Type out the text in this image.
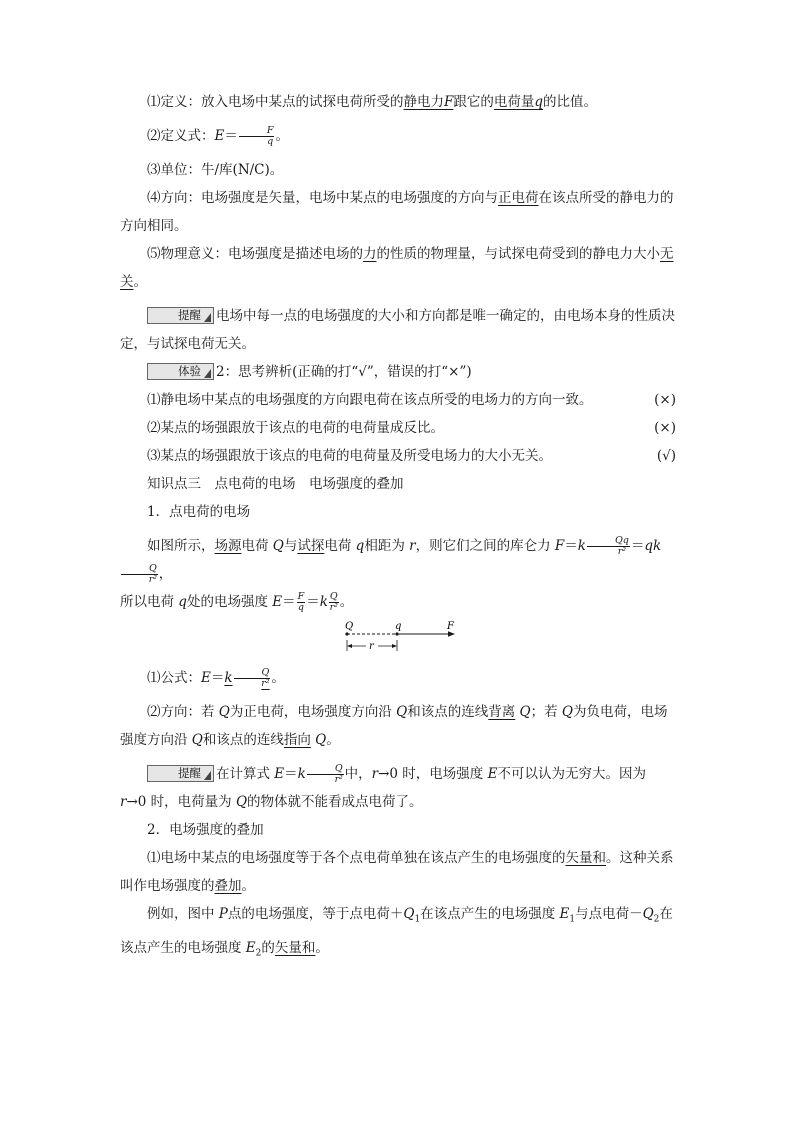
⑴定义：放入电场中某点的试探电荷所受的静电力F跟它的电荷量q的比值。

⑵定义式：$E= \frac{F}{q}$ 。

⑶单位：牛/库(N/C)。

⑷方向：电场强度是矢量，电场中某点的电场强度的方向与正电荷在该点所受的静电力的方向相同。

⑸物理意义：电场强度是描述电场的力的性质的物理量，与试探电荷受到的静电力大小无关。

提醒 电场中每一点的电场强度的大小和方向都是唯一确定的，由电场本身的性质决定，与试探电荷无关。

体验 2：思考辨析(正确的打“√”，错误的打“×”)

⑴静电场中某点的电场强度的方向跟电荷在该点所受的电场力的方向一致。	(×)

⑵某点的场强跟放于该点的电荷的电荷量成反比。	(×)

⑶某点的场强跟放于该点的电荷的电荷量及所受电场力的大小无关。	(√)

知识点三　点电荷的电场　电场强度的叠加

1．点电荷的电场

如图所示，场源电荷 Q与试探电荷 q相距为 r，则它们之间的库仑力 $F=k \frac{Qq}{\text{r²}} =qk$
$\frac{Q}{\text{r²}}$ ，

所以电荷 q处的电场强度 $E= \frac{F}{q} =k \frac{Q}{\text{r²}}$ 。

Q	q	F
r

⑴公式：$E=k \frac{Q}{\text{r²}}$ 。

⑵方向：若 Q为正电荷，电场强度方向沿 Q和该点的连线背离 Q；若 Q为负电荷，电场强度方向沿 Q和该点的连线指向 Q。

提醒 在计算式 $E=k \frac{Q}{\text{r²}}$ 中，r→0 时，电场强度 E不可以认为无穷大。因为 r→0 时，电荷量为 Q的物体就不能看成点电荷了。

2．电场强度的叠加

⑴电场中某点的电场强度等于各个点电荷单独在该点产生的电场强度的矢量和。这种关系叫作电场强度的叠加。

例如，图中 P点的电场强度，等于点电荷$+Q_1$在该点产生的电场强度 $E_1$与点电荷$-Q_2$在该点产生的电场强度 $E_2$的矢量和。
